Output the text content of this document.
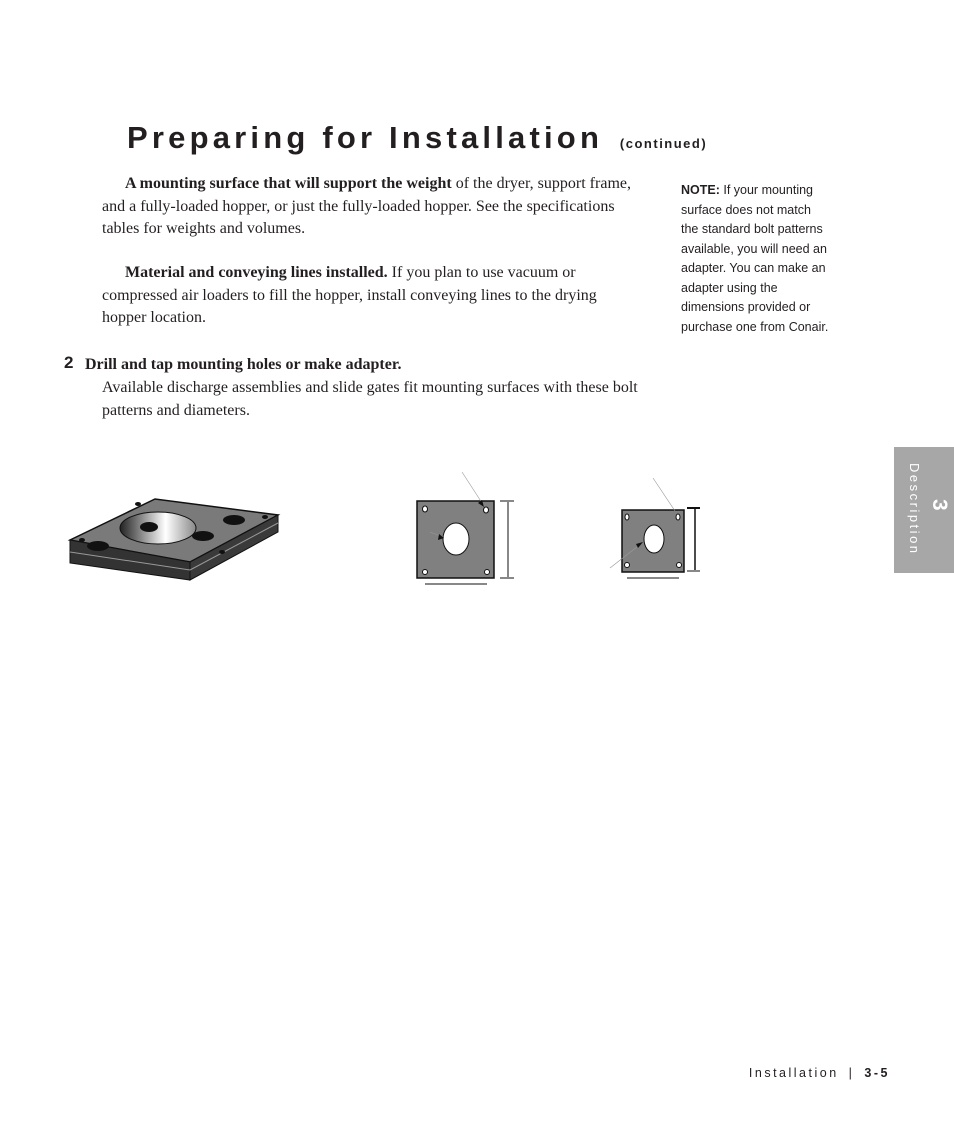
Preparing for Installation (continued)
A mounting surface that will support the weight of the dryer, support frame, and a fully-loaded hopper, or just the fully-loaded hopper. See the specifications tables for weights and volumes.
Material and conveying lines installed. If you plan to use vacuum or compressed air loaders to fill the hopper, install conveying lines to the drying hopper location.
2 Drill and tap mounting holes or make adapter.
Available discharge assemblies and slide gates fit mounting surfaces with these bolt patterns and diameters.
NOTE: If your mounting surface does not match the standard bolt patterns available, you will need an adapter. You can make an adapter using the dimensions provided or purchase one from Conair.
Description 3
Installation | 3-5
